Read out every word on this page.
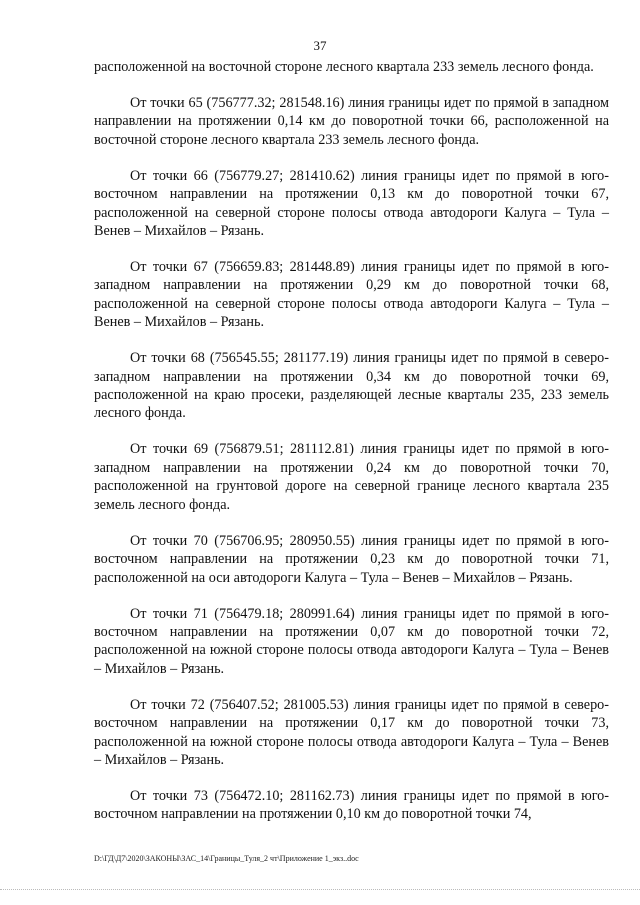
37

расположенной на восточной стороне лесного квартала 233 земель лесного фонда.

От точки 65 (756777.32; 281548.16) линия границы идет по прямой в западном направлении на протяжении 0,14 км до поворотной точки 66, расположенной на восточной стороне лесного квартала 233 земель лесного фонда.

От точки 66 (756779.27; 281410.62) линия границы идет по прямой в юго-восточном направлении на протяжении 0,13 км до поворотной точки 67, расположенной на северной стороне полосы отвода автодороги Калуга – Тула – Венев – Михайлов – Рязань.

От точки 67 (756659.83; 281448.89) линия границы идет по прямой в юго-западном направлении на протяжении 0,29 км до поворотной точки 68, расположенной на северной стороне полосы отвода автодороги Калуга – Тула – Венев – Михайлов – Рязань.

От точки 68 (756545.55; 281177.19) линия границы идет по прямой в северо-западном направлении на протяжении 0,34 км до поворотной точки 69, расположенной на краю просеки, разделяющей лесные кварталы 235, 233 земель лесного фонда.

От точки 69 (756879.51; 281112.81) линия границы идет по прямой в юго-западном направлении на протяжении 0,24 км до поворотной точки 70, расположенной на грунтовой дороге на северной границе лесного квартала 235 земель лесного фонда.

От точки 70 (756706.95; 280950.55) линия границы идет по прямой в юго-восточном направлении на протяжении 0,23 км до поворотной точки 71, расположенной на оси автодороги Калуга – Тула – Венев – Михайлов – Рязань.

От точки 71 (756479.18; 280991.64) линия границы идет по прямой в юго-восточном направлении на протяжении 0,07 км до поворотной точки 72, расположенной на южной стороне полосы отвода автодороги Калуга – Тула – Венев – Михайлов – Рязань.

От точки 72 (756407.52; 281005.53) линия границы идет по прямой в северо-восточном направлении на протяжении 0,17 км до поворотной точки 73, расположенной на южной стороне полосы отвода автодороги Калуга – Тула – Венев – Михайлов – Рязань.

От точки 73 (756472.10; 281162.73) линия границы идет по прямой в юго-восточном направлении на протяжении 0,10 км до поворотной точки 74,

D:\ГД\Д7\2020\ЗАКОНЫ\ЗАС_14\Границы_Туля_2 чт\Приложение 1_экз..doc
